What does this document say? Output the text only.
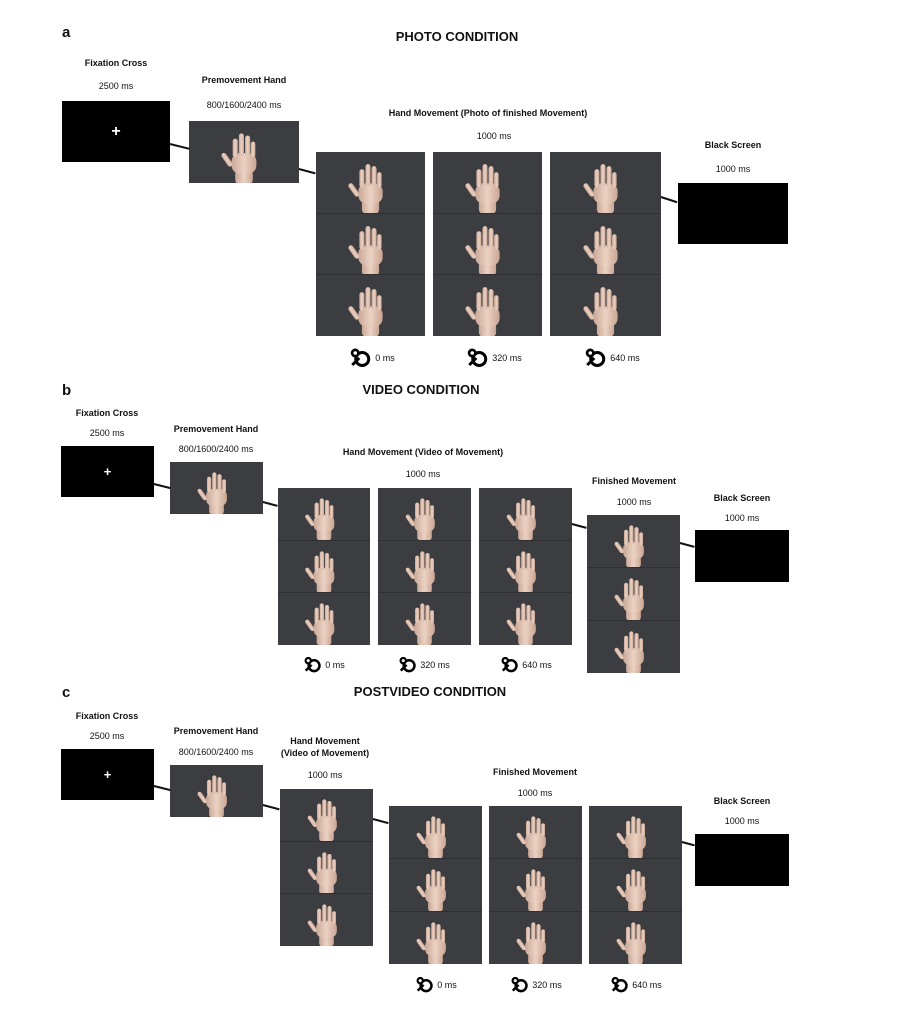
a	PHOTO CONDITION
Fixation Cross
2500 ms
+
Premovement Hand
800/1600/2400 ms
Hand Movement (Photo of finished Movement)
1000 ms
0 ms	320 ms	640 ms
Black Screen
1000 ms
b	VIDEO CONDITION
Fixation Cross
2500 ms
+
Premovement Hand
800/1600/2400 ms	Hand Movement (Video of Movement)
1000 ms
0 ms	320 ms	640 ms
Finished Movement
1000 ms	Black Screen
1000 ms
c	POSTVIDEO CONDITION
Fixation Cross
2500 ms
+
Premovement Hand
800/1600/2400 ms
Hand Movement
(Video of Movement)
1000 ms	Finished Movement
1000 ms
0 ms	320 ms	640 ms
Black Screen
1000 ms
